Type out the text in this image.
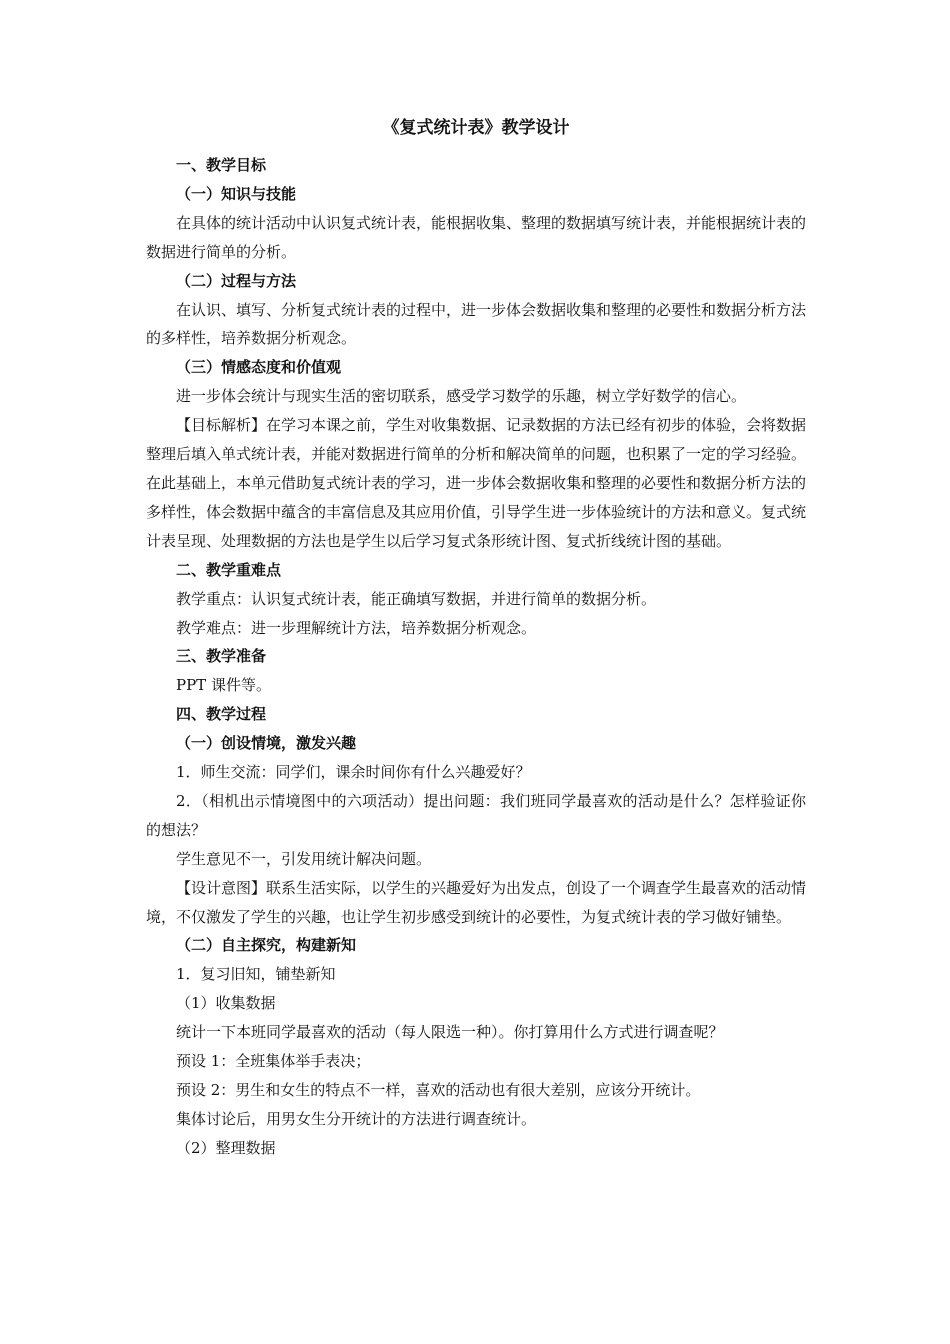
《复式统计表》教学设计
一、教学目标
（一）知识与技能
在具体的统计活动中认识复式统计表，能根据收集、整理的数据填写统计表，并能根据统计表的数据进行简单的分析。
（二）过程与方法
在认识、填写、分析复式统计表的过程中，进一步体会数据收集和整理的必要性和数据分析方法的多样性，培养数据分析观念。
（三）情感态度和价值观
进一步体会统计与现实生活的密切联系，感受学习数学的乐趣，树立学好数学的信心。
【目标解析】在学习本课之前，学生对收集数据、记录数据的方法已经有初步的体验，会将数据整理后填入单式统计表，并能对数据进行简单的分析和解决简单的问题，也积累了一定的学习经验。在此基础上，本单元借助复式统计表的学习，进一步体会数据收集和整理的必要性和数据分析方法的多样性，体会数据中蕴含的丰富信息及其应用价值，引导学生进一步体验统计的方法和意义。复式统计表呈现、处理数据的方法也是学生以后学习复式条形统计图、复式折线统计图的基础。
二、教学重难点
教学重点：认识复式统计表，能正确填写数据，并进行简单的数据分析。
教学难点：进一步理解统计方法，培养数据分析观念。
三、教学准备
PPT 课件等。
四、教学过程
（一）创设情境，激发兴趣
1．师生交流：同学们，课余时间你有什么兴趣爱好？
2．（相机出示情境图中的六项活动）提出问题：我们班同学最喜欢的活动是什么？怎样验证你的想法？
学生意见不一，引发用统计解决问题。
【设计意图】联系生活实际，以学生的兴趣爱好为出发点，创设了一个调查学生最喜欢的活动情境，不仅激发了学生的兴趣，也让学生初步感受到统计的必要性，为复式统计表的学习做好铺垫。
（二）自主探究，构建新知
1．复习旧知，铺垫新知
（1）收集数据
统计一下本班同学最喜欢的活动（每人限选一种）。你打算用什么方式进行调查呢？
预设 1：全班集体举手表决；
预设 2：男生和女生的特点不一样，喜欢的活动也有很大差别，应该分开统计。
集体讨论后，用男女生分开统计的方法进行调查统计。
（2）整理数据
